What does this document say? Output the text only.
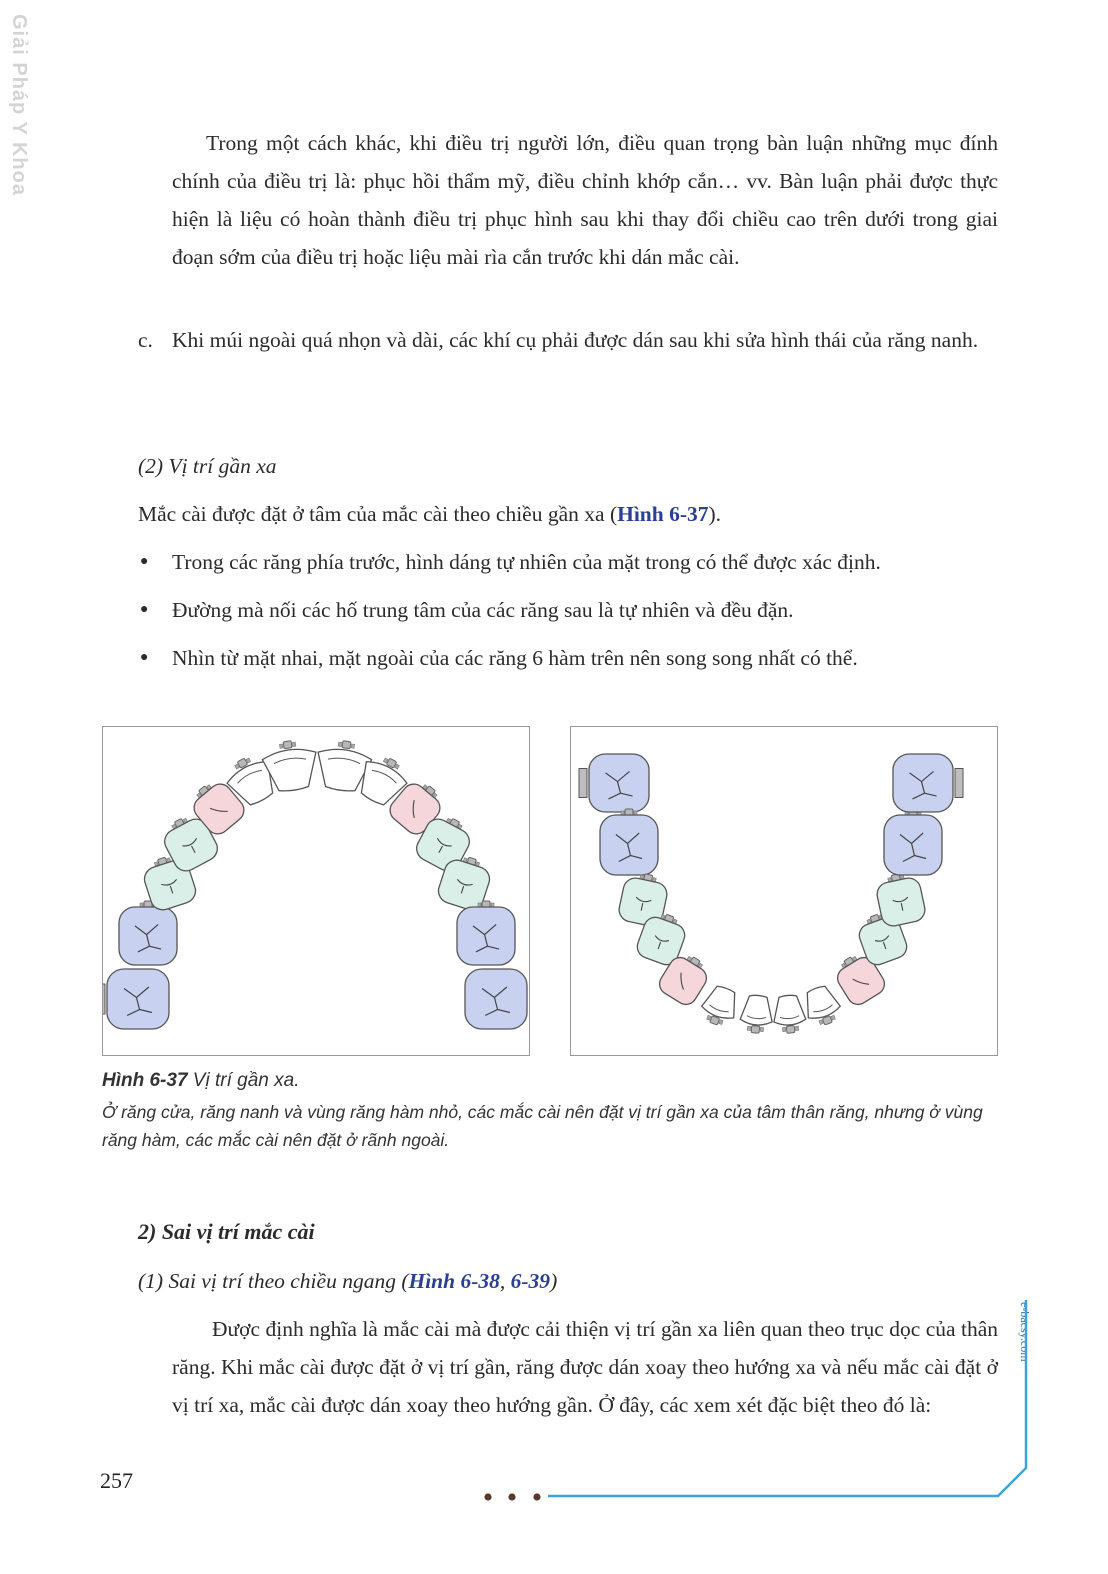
Giải Pháp Y Khoa
e-bacsy.com
Trong một cách khác, khi điều trị người lớn, điều quan trọng bàn luận những mục đính chính của điều trị là: phục hồi thẩm mỹ, điều chỉnh khớp cắn… vv. Bàn luận phải được thực hiện là liệu có hoàn thành điều trị phục hình sau khi thay đổi chiều cao trên dưới trong giai đoạn sớm của điều trị hoặc liệu mài rìa cắn trước khi dán mắc cài.
c. Khi múi ngoài quá nhọn và dài, các khí cụ phải được dán sau khi sửa hình thái của răng nanh.
(2) Vị trí gần xa
Mắc cài được đặt ở tâm của mắc cài theo chiều gần xa (Hình 6-37).
● Trong các răng phía trước, hình dáng tự nhiên của mặt trong có thể được xác định.
● Đường mà nối các hố trung tâm của các răng sau là tự nhiên và đều đặn.
● Nhìn từ mặt nhai, mặt ngoài của các răng 6 hàm trên nên song song nhất có thể.
Hình 6-37 Vị trí gần xa.
Ở răng cửa, răng nanh và vùng răng hàm nhỏ, các mắc cài nên đặt vị trí gần xa của tâm thân răng, nhưng ở vùng răng hàm, các mắc cài nên đặt ở rãnh ngoài.
2) Sai vị trí mắc cài
(1) Sai vị trí theo chiều ngang (Hình 6-38, 6-39)
Được định nghĩa là mắc cài mà được cải thiện vị trí gần xa liên quan theo trục dọc của thân răng. Khi mắc cài được đặt ở vị trí gần, răng được dán xoay theo hướng xa và nếu mắc cài đặt ở vị trí xa, mắc cài được dán xoay theo hướng gần. Ở đây, các xem xét đặc biệt theo đó là:
257
